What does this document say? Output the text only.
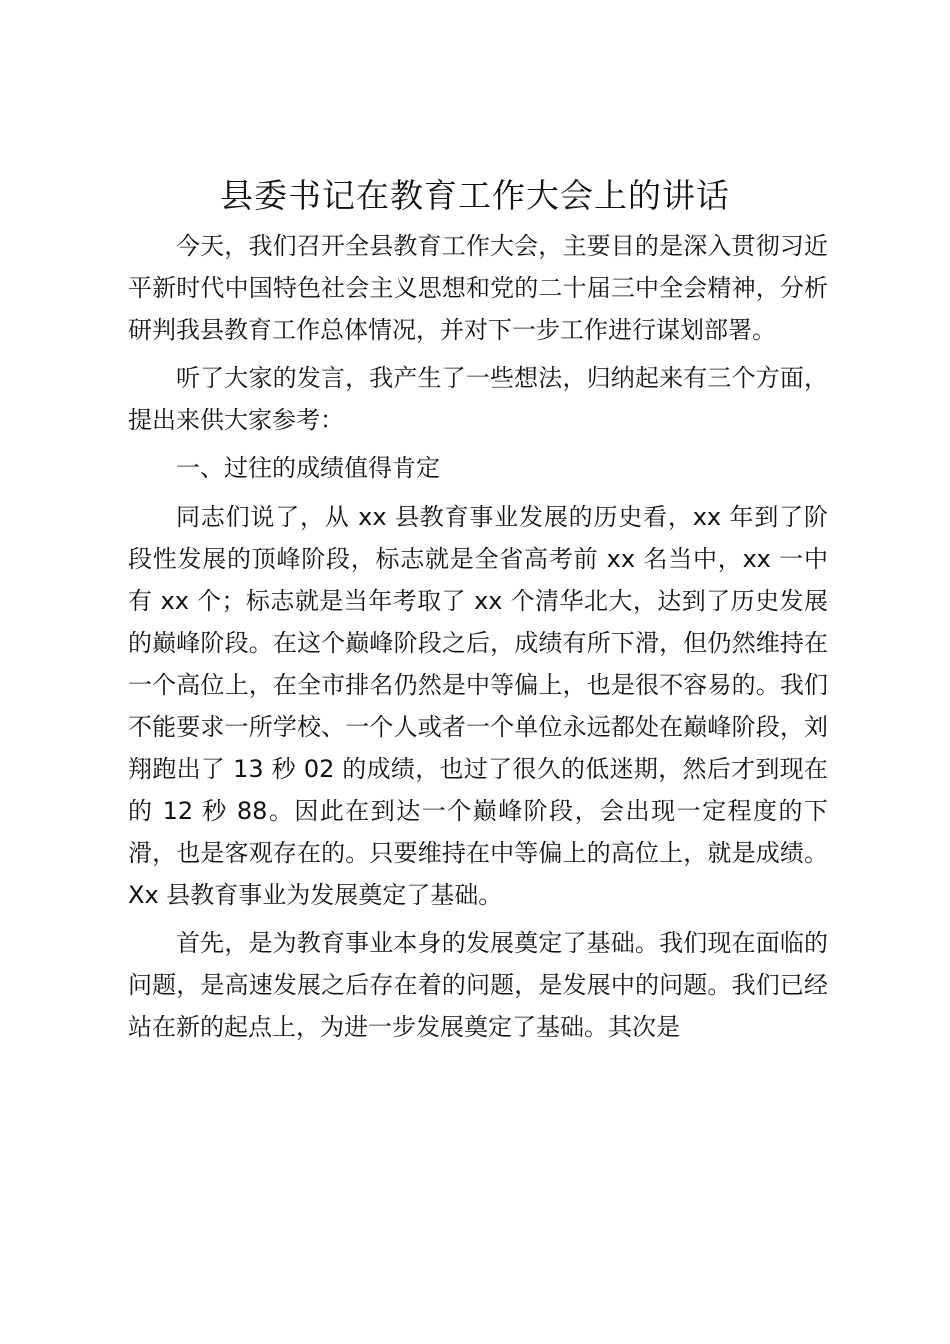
县委书记在教育工作大会上的讲话

今天，我们召开全县教育工作大会，主要目的是深入贯彻习近平新时代中国特色社会主义思想和党的二十届三中全会精神，分析研判我县教育工作总体情况，并对下一步工作进行谋划部署。

听了大家的发言，我产生了一些想法，归纳起来有三个方面，提出来供大家参考：

一、过往的成绩值得肯定

同志们说了，从 xx 县教育事业发展的历史看，xx 年到了阶段性发展的顶峰阶段，标志就是全省高考前 xx 名当中，xx 一中有 xx 个；标志就是当年考取了 xx 个清华北大，达到了历史发展的巅峰阶段。在这个巅峰阶段之后，成绩有所下滑，但仍然维持在一个高位上，在全市排名仍然是中等偏上，也是很不容易的。我们不能要求一所学校、一个人或者一个单位永远都处在巅峰阶段，刘翔跑出了 13 秒 02 的成绩，也过了很久的低迷期，然后才到现在的 12 秒 88。因此在到达一个巅峰阶段，会出现一定程度的下滑，也是客观存在的。只要维持在中等偏上的高位上，就是成绩。Xx 县教育事业为发展奠定了基础。

首先，是为教育事业本身的发展奠定了基础。我们现在面临的问题，是高速发展之后存在着的问题，是发展中的问题。我们已经站在新的起点上，为进一步发展奠定了基础。其次是
